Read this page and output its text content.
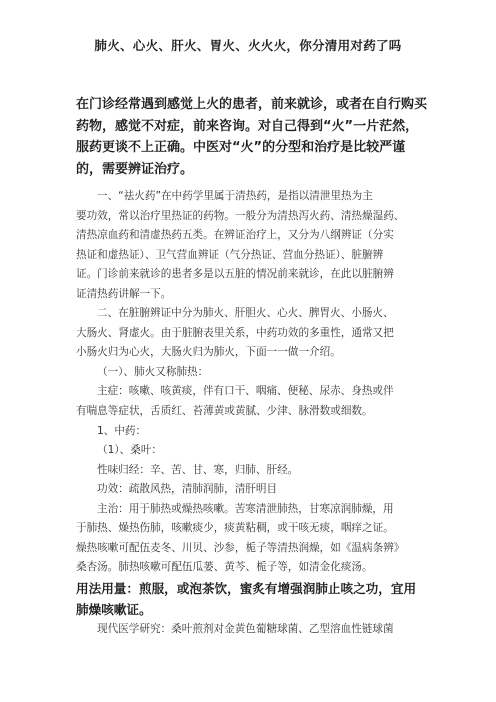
肺火、心火、肝火、胃火、火火火，你分清用对药了吗
在门诊经常遇到感觉上火的患者，前来就诊，或者在自行购买
药物，感觉不对症，前来咨询。对自己得到“火”一片茫然，
服药更谈不上正确。中医对“火”的分型和治疗是比较严谨
的，需要辨证治疗。
一、“祛火药”在中药学里属于清热药，是指以清泄里热为主
要功效，常以治疗里热证的药物。一般分为清热泻火药、清热燥湿药、
清热凉血药和清虚热药五类。在辨证治疗上，又分为八纲辨证（分实
热证和虚热证）、卫气营血辨证（气分热证、营血分热证）、脏腑辨
证。门诊前来就诊的患者多是以五脏的情况前来就诊，在此以脏腑辨
证清热药讲解一下。
二、在脏腑辨证中分为肺火、肝胆火、心火、脾胃火、小肠火、
大肠火、肾虚火。由于脏腑表里关系，中药功效的多重性，通常又把
小肠火归为心火，大肠火归为肺火，下面一一做一介绍。
（一）、肺火又称肺热：
主症：咳嗽、咳黄痰，伴有口干、咽痛、便秘、尿赤、身热或伴
有喘息等症状，舌质红、苔薄黄或黄腻、少津、脉滑数或细数。
1、中药：
（1）、桑叶：
性味归经：辛、苦、甘、寒，归肺、肝经。
功效：疏散风热，清肺润肺，清肝明目
主治：用于肺热或燥热咳嗽。苦寒清泄肺热，甘寒凉润肺燥，用
于肺热、燥热伤肺，咳嗽痰少，痰黄粘稠，或干咳无痰，咽痒之证。
燥热咳嗽可配伍麦冬、川贝、沙参，栀子等清热润燥，如《温病条辨》
桑杏汤。肺热咳嗽可配伍瓜蒌、黄芩、栀子等，如清金化痰汤。
用法用量：煎服，或泡茶饮，蜜炙有增强润肺止咳之功，宜用
肺燥咳嗽证。
现代医学研究：桑叶煎剂对金黄色葡糖球菌、乙型溶血性链球菌
